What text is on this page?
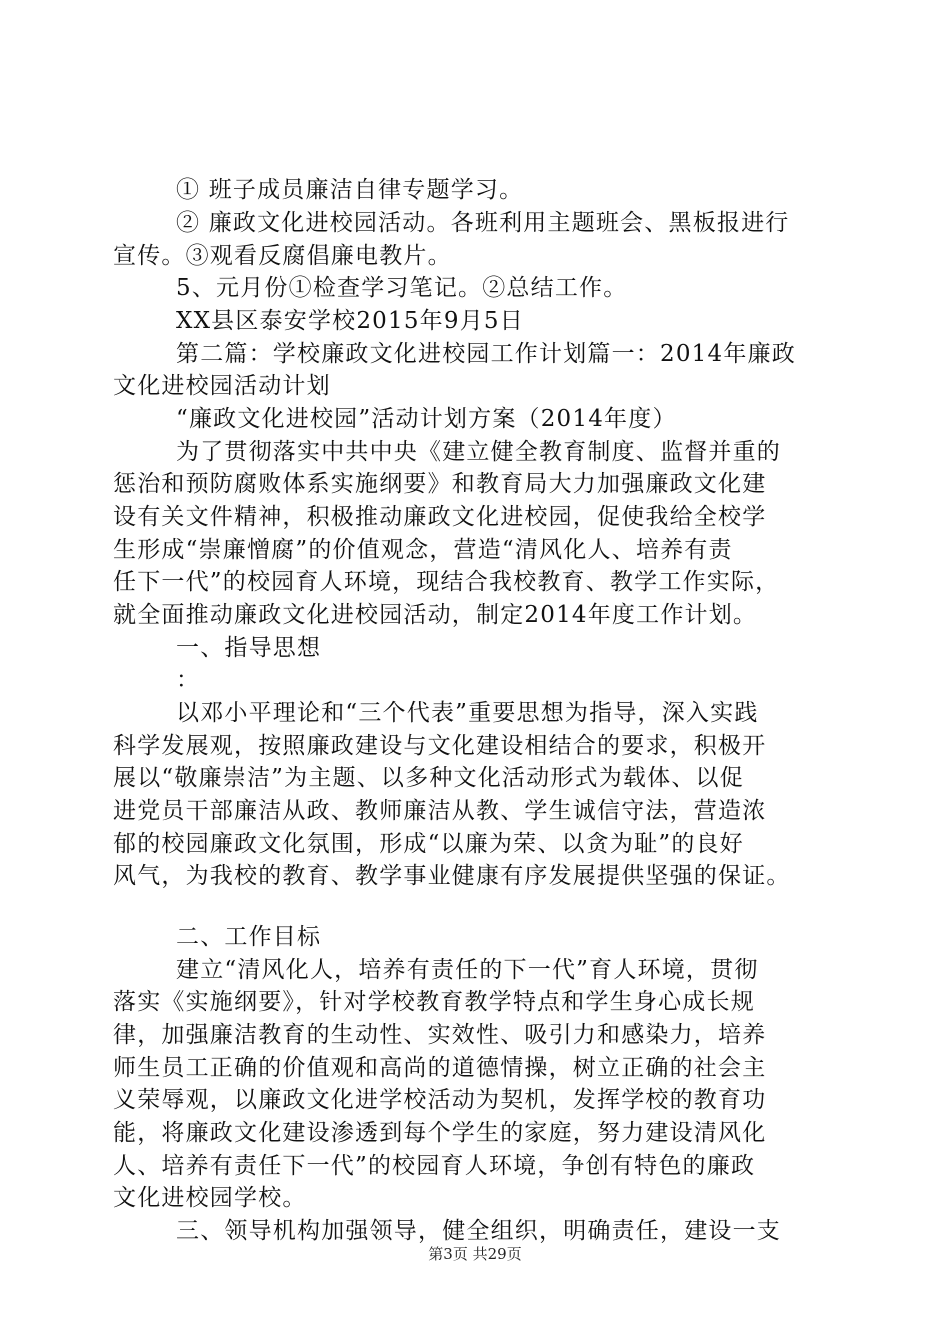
① 班子成员廉洁自律专题学习。
② 廉政文化进校园活动。各班利用主题班会、黑板报进行
宣传。③观看反腐倡廉电教片。
5、元月份①检查学习笔记。②总结工作。
XX县区泰安学校2015年9月5日
第二篇：学校廉政文化进校园工作计划篇一：2014年廉政
文化进校园活动计划
“廉政文化进校园”活动计划方案（2014年度）
为了贯彻落实中共中央《建立健全教育制度、监督并重的
惩治和预防腐败体系实施纲要》和教育局大力加强廉政文化建
设有关文件精神，积极推动廉政文化进校园，促使我给全校学
生形成“崇廉憎腐”的价值观念，营造“清风化人、培养有责
任下一代”的校园育人环境，现结合我校教育、教学工作实际，
就全面推动廉政文化进校园活动，制定2014年度工作计划。
一、指导思想
：
以邓小平理论和“三个代表”重要思想为指导，深入实践
科学发展观，按照廉政建设与文化建设相结合的要求，积极开
展以“敬廉崇洁”为主题、以多种文化活动形式为载体、以促
进党员干部廉洁从政、教师廉洁从教、学生诚信守法，营造浓
郁的校园廉政文化氛围，形成“以廉为荣、以贪为耻”的良好
风气，为我校的教育、教学事业健康有序发展提供坚强的保证。
二、工作目标
建立“清风化人，培养有责任的下一代”育人环境，贯彻
落实《实施纲要》，针对学校教育教学特点和学生身心成长规
律，加强廉洁教育的生动性、实效性、吸引力和感染力，培养
师生员工正确的价值观和高尚的道德情操，树立正确的社会主
义荣辱观，以廉政文化进学校活动为契机，发挥学校的教育功
能，将廉政文化建设渗透到每个学生的家庭，努力建设清风化
人、培养有责任下一代”的校园育人环境，争创有特色的廉政
文化进校园学校。
三、领导机构加强领导，健全组织，明确责任，建设一支
第3页 共29页
